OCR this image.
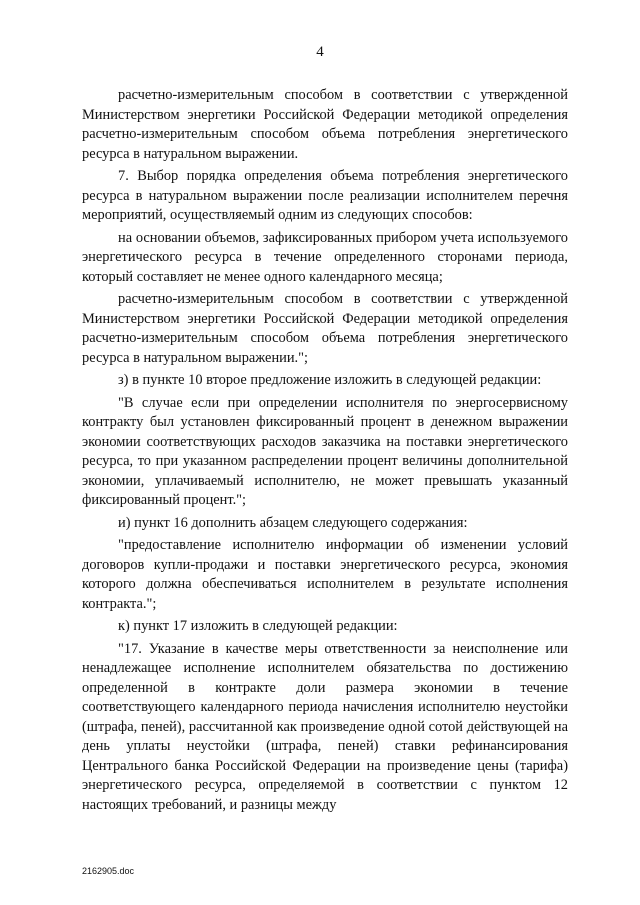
4

расчетно-измерительным способом в соответствии с утвержденной Министерством энергетики Российской Федерации методикой определения расчетно-измерительным способом объема потребления энергетического ресурса в натуральном выражении.

7. Выбор порядка определения объема потребления энергетического ресурса в натуральном выражении после реализации исполнителем перечня мероприятий, осуществляемый одним из следующих способов:

на основании объемов, зафиксированных прибором учета используемого энергетического ресурса в течение определенного сторонами периода, который составляет не менее одного календарного месяца;

расчетно-измерительным способом в соответствии с утвержденной Министерством энергетики Российской Федерации методикой определения расчетно-измерительным способом объема потребления энергетического ресурса в натуральном выражении.";

з) в пункте 10 второе предложение изложить в следующей редакции:

"В случае если при определении исполнителя по энергосервисному контракту был установлен фиксированный процент в денежном выражении экономии соответствующих расходов заказчика на поставки энергетического ресурса, то при указанном распределении процент величины дополнительной экономии, уплачиваемый исполнителю, не может превышать указанный фиксированный процент.";

и) пункт 16 дополнить абзацем следующего содержания:

"предоставление исполнителю информации об изменении условий договоров купли-продажи и поставки энергетического ресурса, экономия которого должна обеспечиваться исполнителем в результате исполнения контракта.";

к) пункт 17 изложить в следующей редакции:

"17. Указание в качестве меры ответственности за неисполнение или ненадлежащее исполнение исполнителем обязательства по достижению определенной в контракте доли размера экономии в течение соответствующего календарного периода начисления исполнителю неустойки (штрафа, пеней), рассчитанной как произведение одной сотой действующей на день уплаты неустойки (штрафа, пеней) ставки рефинансирования Центрального банка Российской Федерации на произведение цены (тарифа) энергетического ресурса, определяемой в соответствии с пунктом 12 настоящих требований, и разницы между

2162905.doc
